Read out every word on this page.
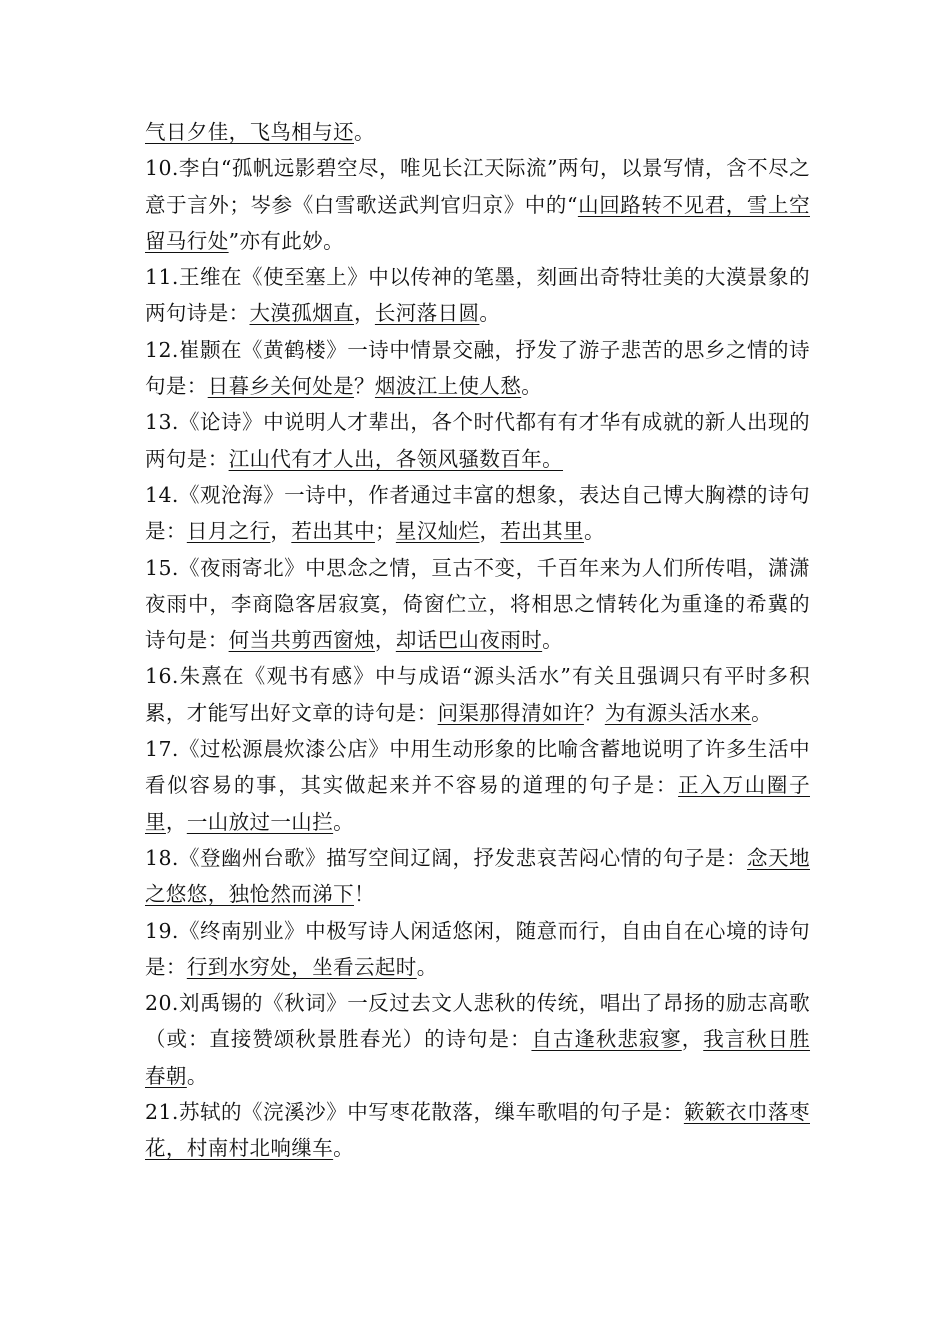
气日夕佳，飞鸟相与还。

10.李白“孤帆远影碧空尽，唯见长江天际流”两句，以景写情，含不尽之意于言外；岑参《白雪歌送武判官归京》中的“山回路转不见君，雪上空留马行处”亦有此妙。

11.王维在《使至塞上》中以传神的笔墨，刻画出奇特壮美的大漠景象的两句诗是：大漠孤烟直，长河落日圆。

12.崔颢在《黄鹤楼》一诗中情景交融，抒发了游子悲苦的思乡之情的诗句是：日暮乡关何处是？烟波江上使人愁。

13.《论诗》中说明人才辈出，各个时代都有有才华有成就的新人出现的两句是：江山代有才人出，各领风骚数百年。

14.《观沧海》一诗中，作者通过丰富的想象，表达自己博大胸襟的诗句是：日月之行，若出其中；星汉灿烂，若出其里。

15.《夜雨寄北》中思念之情，亘古不变，千百年来为人们所传唱，潇潇夜雨中，李商隐客居寂寞，倚窗伫立，将相思之情转化为重逢的希冀的诗句是：何当共剪西窗烛，却话巴山夜雨时。

16.朱熹在《观书有感》中与成语“源头活水”有关且强调只有平时多积累，才能写出好文章的诗句是：问渠那得清如许？为有源头活水来。

17.《过松源晨炊漆公店》中用生动形象的比喻含蓄地说明了许多生活中看似容易的事，其实做起来并不容易的道理的句子是：正入万山圈子里，一山放过一山拦。

18.《登幽州台歌》描写空间辽阔，抒发悲哀苦闷心情的句子是：念天地之悠悠，独怆然而涕下！

19.《终南别业》中极写诗人闲适悠闲，随意而行，自由自在心境的诗句是：行到水穷处，坐看云起时。

20.刘禹锡的《秋词》一反过去文人悲秋的传统，唱出了昂扬的励志高歌（或：直接赞颂秋景胜春光）的诗句是：自古逢秋悲寂寥，我言秋日胜春朝。

21.苏轼的《浣溪沙》中写枣花散落，缫车歌唱的句子是：簌簌衣巾落枣花，村南村北响缫车。
